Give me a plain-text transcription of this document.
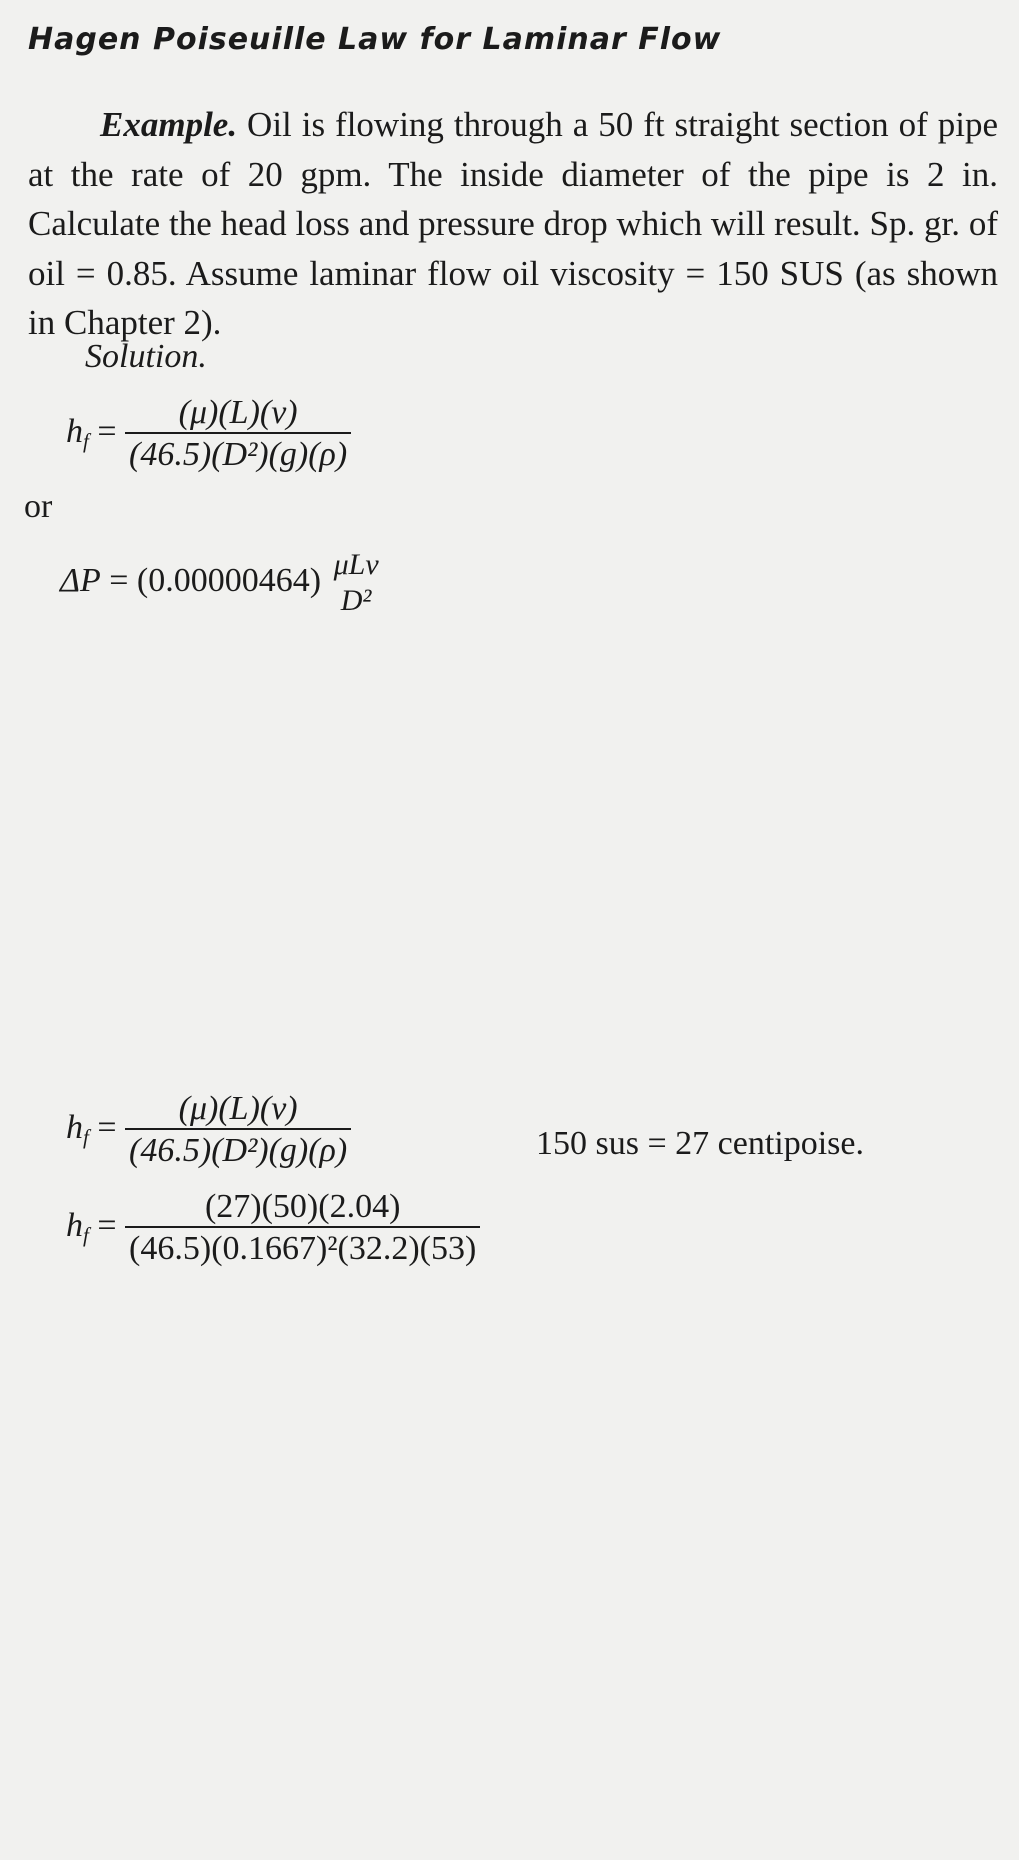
Hagen Poiseuille Law for Laminar Flow
Example. Oil is flowing through a 50 ft straight section of pipe at the rate of 20 gpm. The inside diameter of the pipe is 2 in. Calculate the head loss and pressure drop which will result. Sp. gr. of oil = 0.85. Assume laminar flow oil viscosity = 150 SUS (as shown in Chapter 2).
Solution.
$h_f = \frac{(\mu)(L)(v)}{\text{(46.5)(D²)(g)(ρ)}}$
or
ΔP = (0.00000464) μLv
D²
$h_f = \frac{(\mu)(L)(v)}{\text{(46.5)(D²)(g)(ρ)}}$	150 sus = 27 centipoise.
$h_f = \frac{(27)(50)(2.04)}{\text{(46.5)(0.1667)²(32.2)(53)}}$
